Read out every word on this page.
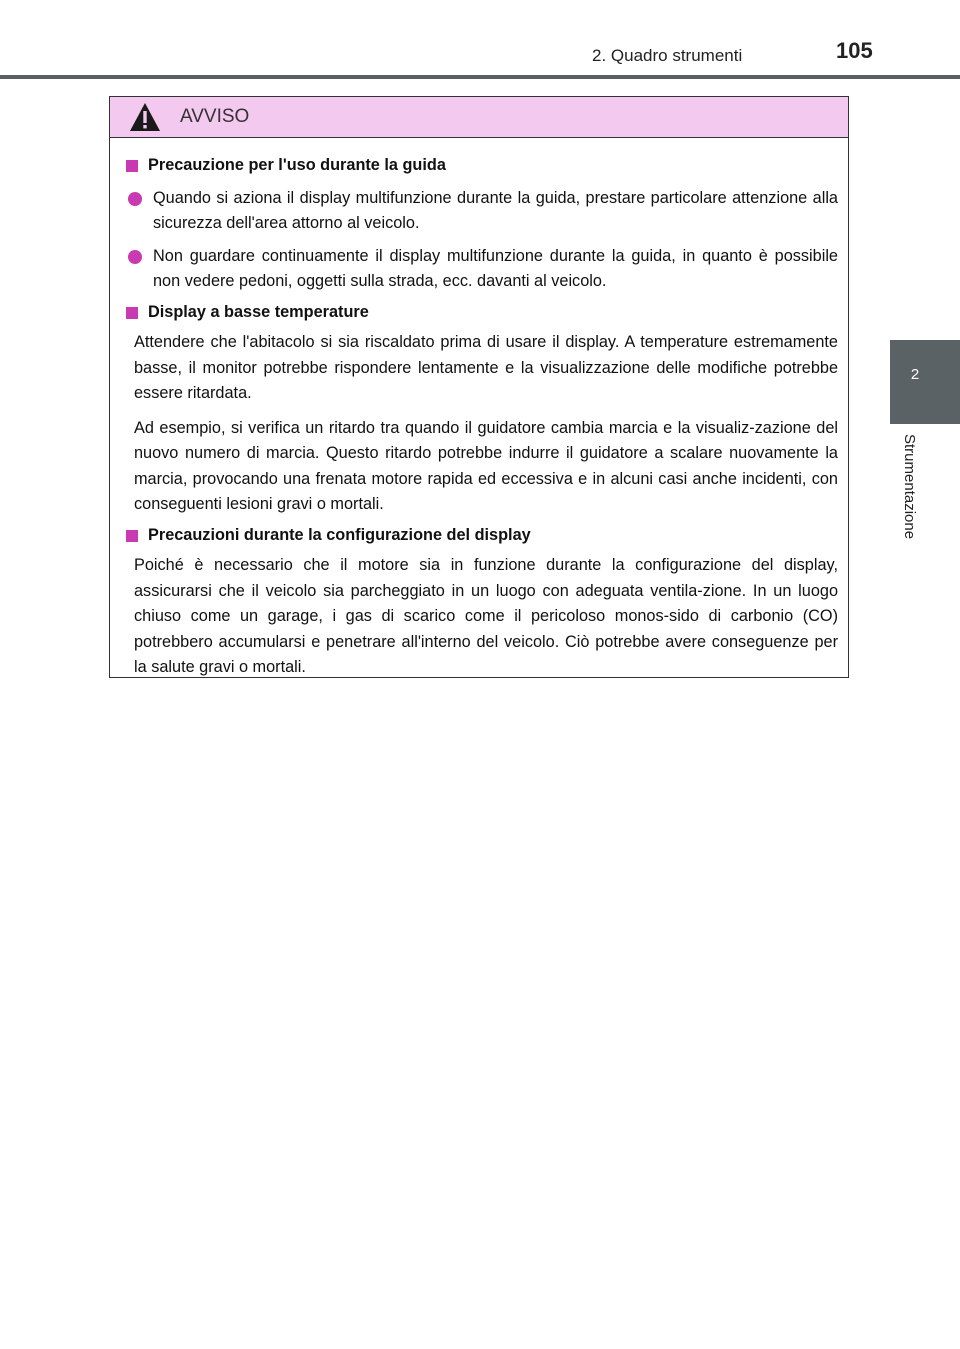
2. Quadro strumenti	105
2
Strumentazione
AVVISO
Precauzione per l'uso durante la guida
Quando si aziona il display multifunzione durante la guida, prestare particolare attenzione alla sicurezza dell'area attorno al veicolo.
Non guardare continuamente il display multifunzione durante la guida, in quanto è possibile non vedere pedoni, oggetti sulla strada, ecc. davanti al veicolo.
Display a basse temperature
Attendere che l'abitacolo si sia riscaldato prima di usare il display. A temperature estremamente basse, il monitor potrebbe rispondere lentamente e la visualizzazione delle modifiche potrebbe essere ritardata.
Ad esempio, si verifica un ritardo tra quando il guidatore cambia marcia e la visualiz-zazione del nuovo numero di marcia. Questo ritardo potrebbe indurre il guidatore a scalare nuovamente la marcia, provocando una frenata motore rapida ed eccessiva e in alcuni casi anche incidenti, con conseguenti lesioni gravi o mortali.
Precauzioni durante la configurazione del display
Poiché è necessario che il motore sia in funzione durante la configurazione del display, assicurarsi che il veicolo sia parcheggiato in un luogo con adeguata ventila-zione. In un luogo chiuso come un garage, i gas di scarico come il pericoloso monos-sido di carbonio (CO) potrebbero accumularsi e penetrare all'interno del veicolo. Ciò potrebbe avere conseguenze per la salute gravi o mortali.
